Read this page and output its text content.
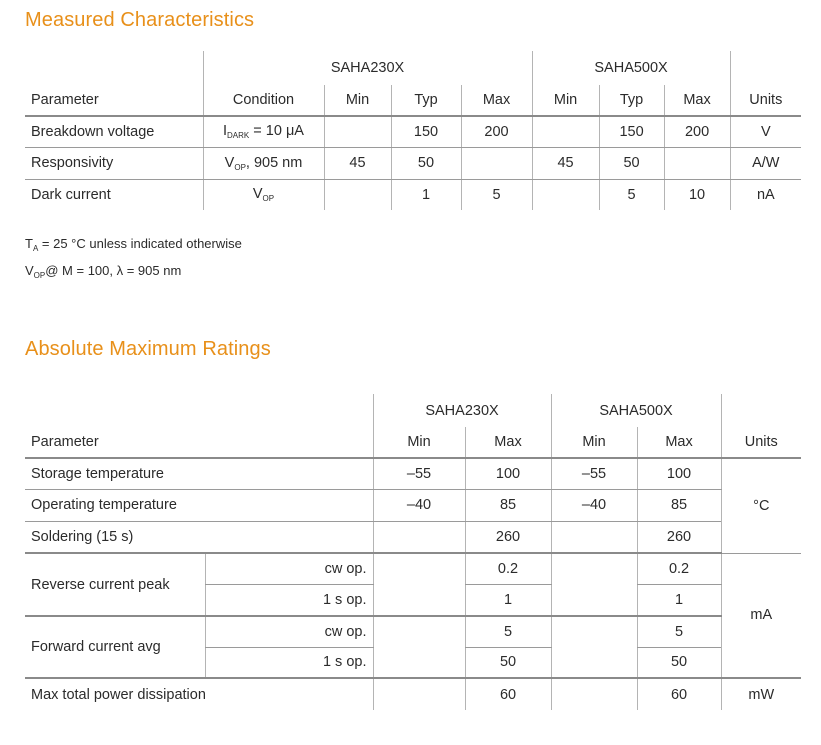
Measured Characteristics
	SAHA230X				SAHA500X			
Parameter	Condition	Min	Typ	Max	Min	Typ	Max	Units
Breakdown voltage	$I_{DARK} = 10$ μA		150	200		150	200	V
Responsivity	$V_{OP}$, 905 nm	45	50		45	50		A/W
Dark current	$V_{OP}$		1	5		5	10	nA
$T_A = 25$ °C unless indicated otherwise
$V_{OP}@$ M = 100, λ = 905 nm
Absolute Maximum Ratings
		SAHA230X		SAHA500X		
Parameter		Min	Max	Min	Max	Units
Storage temperature		–55	100	–55	100	°C
Operating temperature		–40	85	–40	85	
Soldering (15 s)			260		260	
Reverse current peak	cw op.		0.2		0.2	mA
	1 s op.		1		1	
Forward current avg	cw op.		5		5	
	1 s op.		50		50	
Max total power dissipation			60		60	mW
